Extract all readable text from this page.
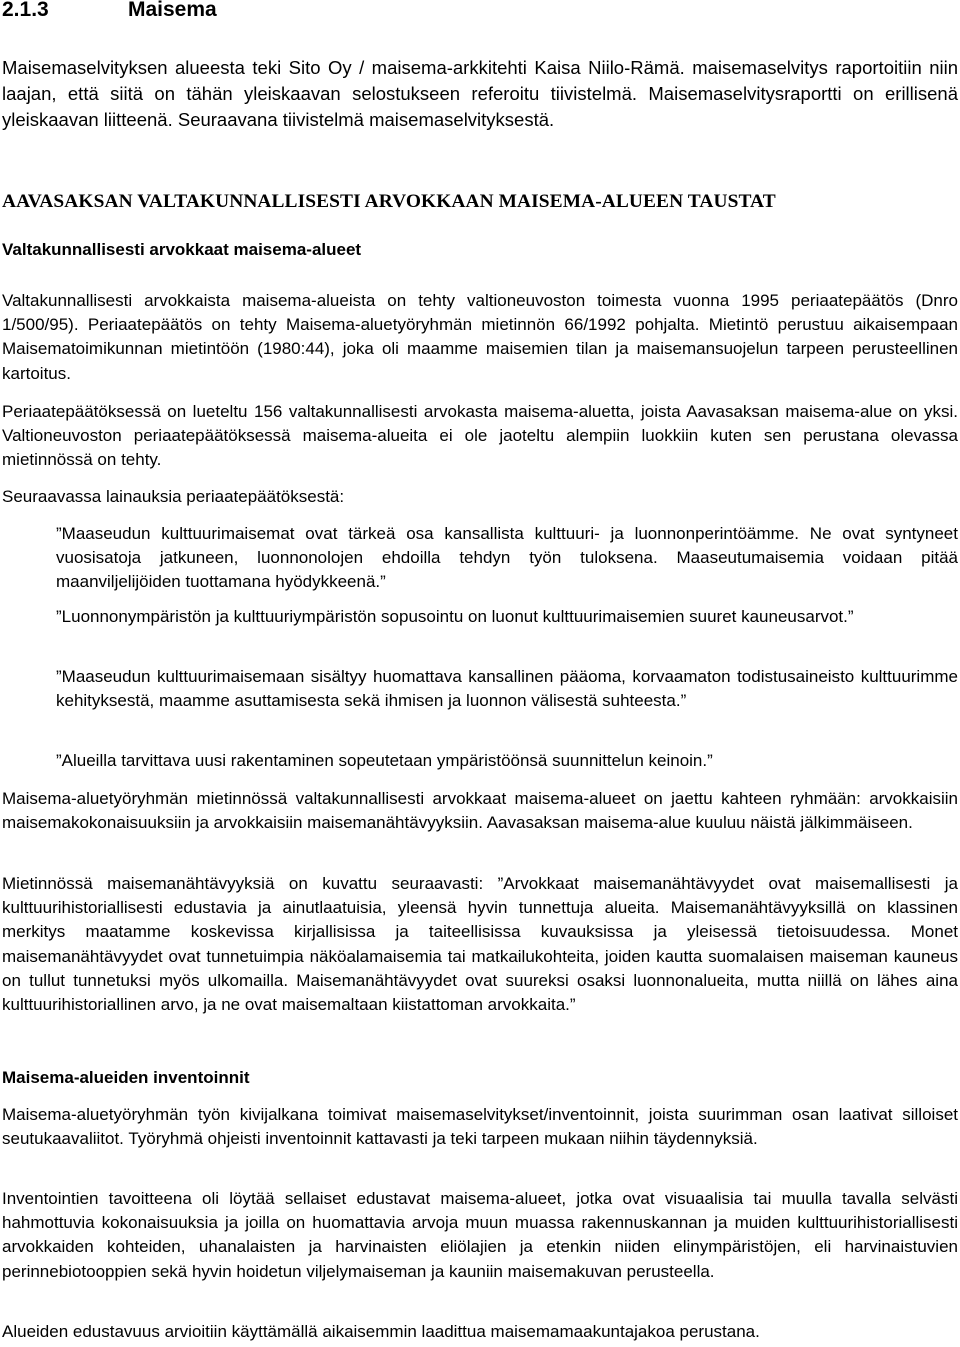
2.1.3	Maisema

Maisemaselvityksen alueesta teki Sito Oy / maisema-arkkitehti Kaisa Niilo-Rämä. maisemaselvitys raportoitiin niin laajan, että siitä on tähän yleiskaavan selostukseen referoitu tiivistelmä. Maisemaselvitysraportti on erillisenä yleiskaavan liitteenä. Seuraavana tiivistelmä maisemaselvityksestä.

AAVASAKSAN VALTAKUNNALLISESTI ARVOKKAAN MAISEMA-ALUEEN TAUSTAT
Valtakunnallisesti arvokkaat maisema-alueet

Valtakunnallisesti arvokkaista maisema-alueista on tehty valtioneuvoston toimesta vuonna 1995 periaatepäätös (Dnro 1/500/95). Periaatepäätös on tehty Maisema-aluetyöryhmän mietinnön 66/1992 pohjalta. Mietintö perustuu aikaisempaan Maisematoimikunnan mietintöön (1980:44), joka oli maamme maisemien tilan ja maisemansuojelun tarpeen perusteellinen kartoitus.

Periaatepäätöksessä on lueteltu 156 valtakunnallisesti arvokasta maisema-aluetta, joista Aavasaksan maisema-alue on yksi. Valtioneuvoston periaatepäätöksessä maisema-alueita ei ole jaoteltu alempiin luokkiin kuten sen perustana olevassa mietinnössä on tehty.

Seuraavassa lainauksia periaatepäätöksestä:

”Maaseudun kulttuurimaisemat ovat tärkeä osa kansallista kulttuuri- ja luonnonperintöämme. Ne ovat syntyneet vuosisatoja jatkuneen, luonnonolojen ehdoilla tehdyn työn tuloksena. Maaseutumaisemia voidaan pitää maanviljelijöiden tuottamana hyödykkeenä.”

”Luonnonympäristön ja kulttuuriympäristön sopusointu on luonut kulttuurimaisemien suuret kauneusarvot.”

”Maaseudun kulttuurimaisemaan sisältyy huomattava kansallinen pääoma, korvaamaton todistusaineisto kulttuurimme kehityksestä, maamme asuttamisesta sekä ihmisen ja luonnon välisestä suhteesta.”

”Alueilla tarvittava uusi rakentaminen sopeutetaan ympäristöönsä suunnittelun keinoin.”

Maisema-aluetyöryhmän mietinnössä valtakunnallisesti arvokkaat maisema-alueet on jaettu kahteen ryhmään: arvokkaisiin maisemakokonaisuuksiin ja arvokkaisiin maisemanähtävyyksiin. Aavasaksan maisema-alue kuuluu näistä jälkimmäiseen.

Mietinnössä maisemanähtävyyksiä on kuvattu seuraavasti: ”Arvokkaat maisemanähtävyydet ovat maisemallisesti ja kulttuurihistoriallisesti edustavia ja ainutlaatuisia, yleensä hyvin tunnettuja alueita. Maisemanähtävyyksillä on klassinen merkitys maatamme koskevissa kirjallisissa ja taiteellisissa kuvauksissa ja yleisessä tietoisuudessa. Monet maisemanähtävyydet ovat tunnetuimpia näköalamaisemia tai matkailukohteita, joiden kautta suomalaisen maiseman kauneus on tullut tunnetuksi myös ulkomailla. Maisemanähtävyydet ovat suureksi osaksi luonnonalueita, mutta niillä on lähes aina kulttuurihistoriallinen arvo, ja ne ovat maisemaltaan kiistattoman arvokkaita.”

Maisema-alueiden inventoinnit

Maisema-aluetyöryhmän työn kivijalkana toimivat maisemaselvitykset/inventoinnit, joista suurimman osan laativat silloiset seutukaavaliitot. Työryhmä ohjeisti inventoinnit kattavasti ja teki tarpeen mukaan niihin täydennyksiä.

Inventointien tavoitteena oli löytää sellaiset edustavat maisema-alueet, jotka ovat visuaalisia tai muulla tavalla selvästi hahmottuvia kokonaisuuksia ja joilla on huomattavia arvoja muun muassa rakennuskannan ja muiden kulttuurihistoriallisesti arvokkaiden kohteiden, uhanalaisten ja harvinaisten eliölajien ja etenkin niiden elinympäristöjen, eli harvinaistuvien perinnebiotooppien sekä hyvin hoidetun viljelymaiseman ja kauniin maisemakuvan perusteella.

Alueiden edustavuus arvioitiin käyttämällä aikaisemmin laadittua maisemamaakuntajakoa perustana.
